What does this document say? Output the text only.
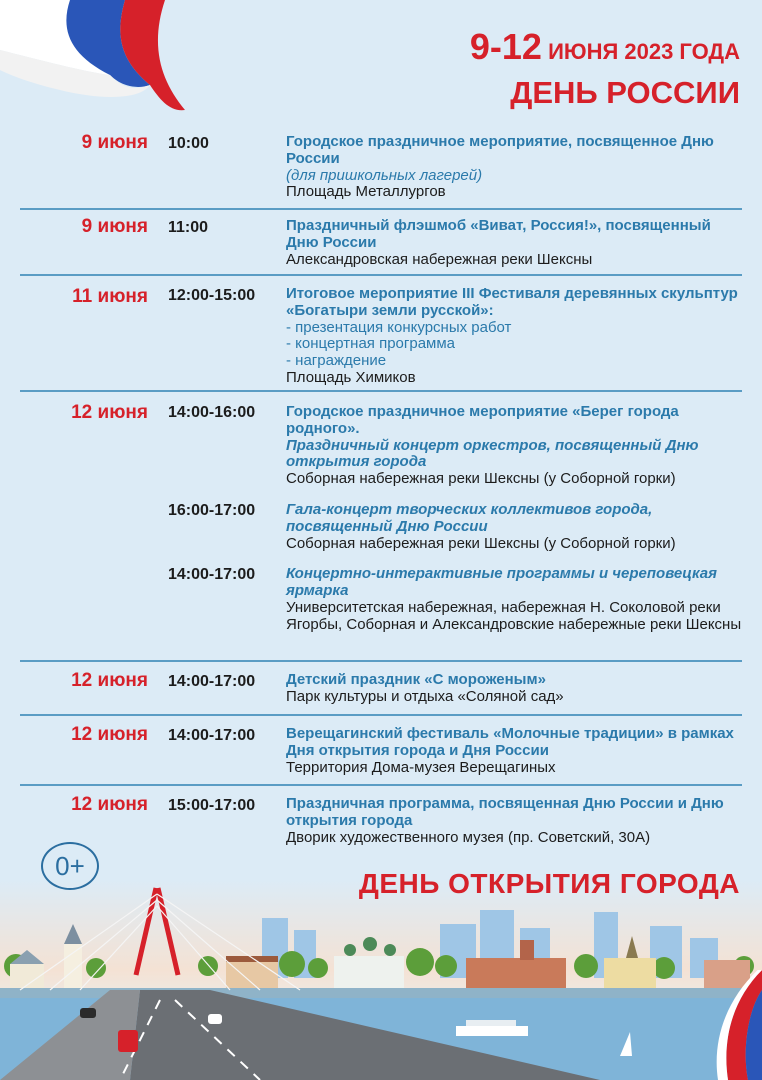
9-12 ИЮНЯ 2023 ГОДА
ДЕНЬ РОССИИ
9 июня 10:00	Городское праздничное мероприятие, посвященное Дню России
(для пришкольных лагерей)
Площадь Металлургов
9 июня 11:00	Праздничный флэшмоб «Виват, Россия!», посвященный Дню России
Александровская набережная реки Шексны
11 июня 12:00-15:00	Итоговое мероприятие III Фестиваля деревянных скульптур «Богатыри земли русской»:
- презентация конкурсных работ
- концертная программа
- награждение
Площадь Химиков
12 июня 14:00-16:00	Городское праздничное мероприятие «Берег города родного».
Праздничный концерт оркестров, посвященный Дню открытия города
Соборная набережная реки Шексны (у Соборной горки)
16:00-17:00	Гала-концерт творческих коллективов города, посвященный Дню России
Соборная набережная реки Шексны (у Соборной горки)
14:00-17:00	Концертно-интерактивные программы и череповецкая ярмарка
Университетская набережная, набережная Н. Соколовой реки Ягорбы, Соборная и Александровские набережные реки Шексны
12 июня 14:00-17:00	Детский праздник «С мороженым»
Парк культуры и отдыха «Соляной сад»
12 июня 14:00-17:00	Верещагинский фестиваль «Молочные традиции» в рамках Дня открытия города и Дня России
Территория Дома-музея Верещагиных
12 июня 15:00-17:00	Праздничная программа, посвященная Дню России и Дню открытия города
Дворик художественного музея (пр. Советский, 30А)
0+
ДЕНЬ ОТКРЫТИЯ ГОРОДА
